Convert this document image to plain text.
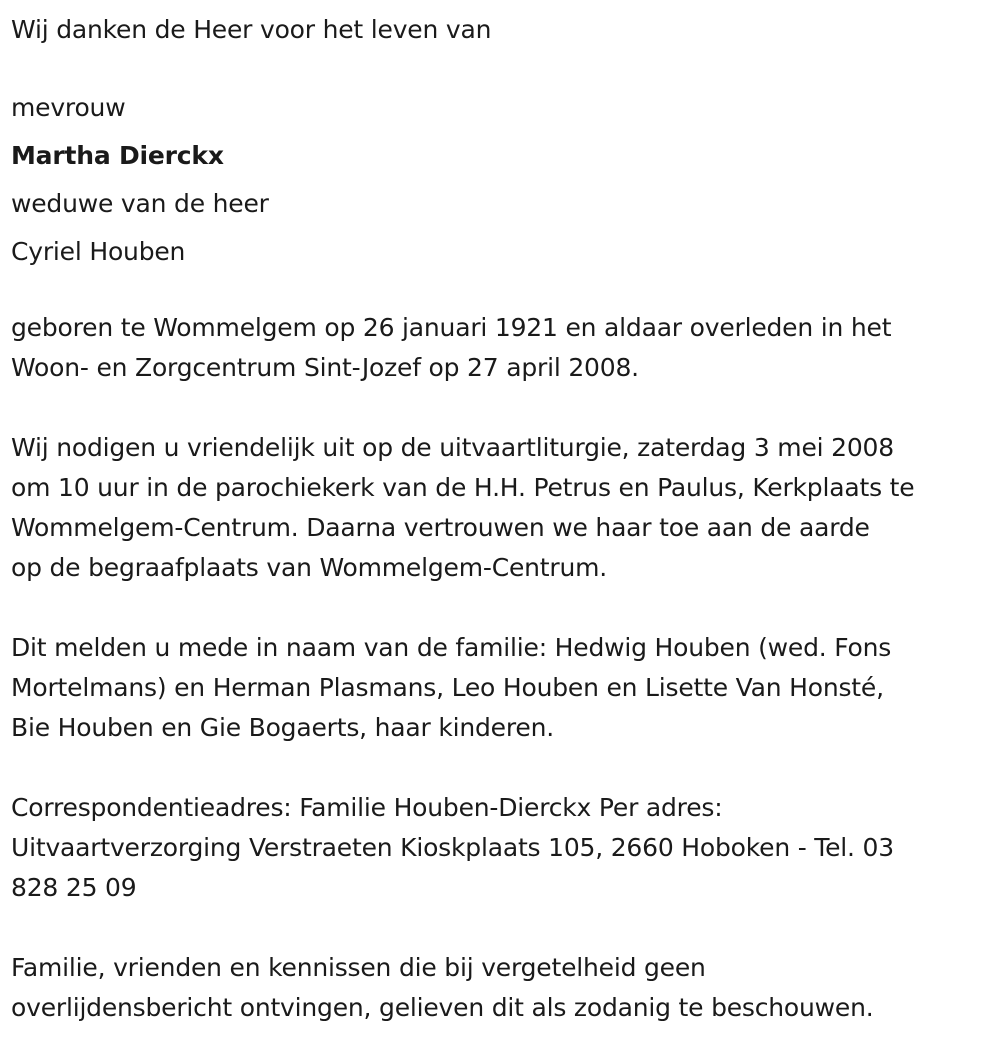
Wij danken de Heer voor het leven van
mevrouw
Martha Dierckx
weduwe van de heer
Cyriel Houben
geboren te Wommelgem op 26 januari 1921 en aldaar overleden in het
Woon- en Zorgcentrum Sint-Jozef op 27 april 2008.
Wij nodigen u vriendelijk uit op de uitvaartliturgie, zaterdag 3 mei 2008
om 10 uur in de parochiekerk van de H.H. Petrus en Paulus, Kerkplaats te
Wommelgem-Centrum. Daarna vertrouwen we haar toe aan de aarde
op de begraafplaats van Wommelgem-Centrum.
Dit melden u mede in naam van de familie: Hedwig Houben (wed. Fons
Mortelmans) en Herman Plasmans, Leo Houben en Lisette Van Honsté,
Bie Houben en Gie Bogaerts, haar kinderen.
Correspondentieadres: Familie Houben-Dierckx Per adres:
Uitvaartverzorging Verstraeten Kioskplaats 105, 2660 Hoboken - Tel. 03
828 25 09
Familie, vrienden en kennissen die bij vergetelheid geen
overlijdensbericht ontvingen, gelieven dit als zodanig te beschouwen.
